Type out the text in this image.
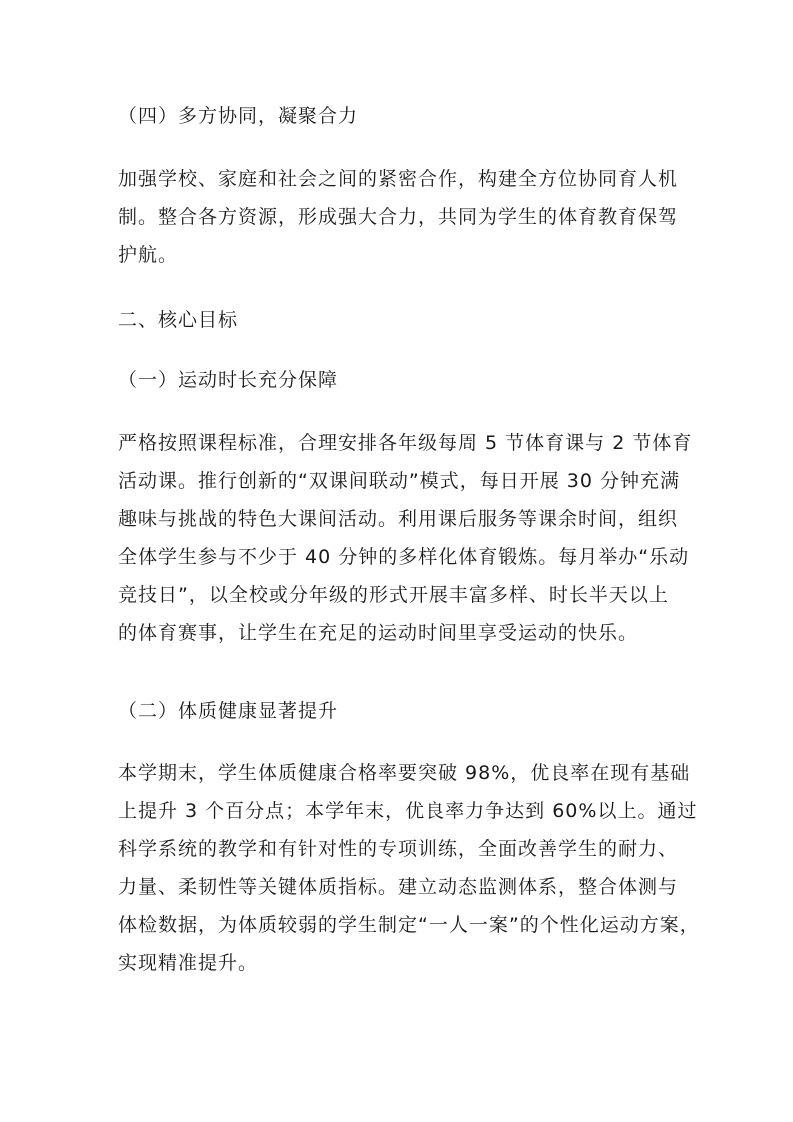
（四）多方协同，凝聚合力
加强学校、家庭和社会之间的紧密合作，构建全方位协同育人机
制。整合各方资源，形成强大合力，共同为学生的体育教育保驾
护航。
二、核心目标
（一）运动时长充分保障
严格按照课程标准，合理安排各年级每周 5 节体育课与 2 节体育
活动课。推行创新的“双课间联动”模式，每日开展 30 分钟充满
趣味与挑战的特色大课间活动。利用课后服务等课余时间，组织
全体学生参与不少于 40 分钟的多样化体育锻炼。每月举办“乐动
竞技日”，以全校或分年级的形式开展丰富多样、时长半天以上
的体育赛事，让学生在充足的运动时间里享受运动的快乐。
（二）体质健康显著提升
本学期末，学生体质健康合格率要突破 98%，优良率在现有基础
上提升 3 个百分点；本学年末，优良率力争达到 60%以上。通过
科学系统的教学和有针对性的专项训练，全面改善学生的耐力、
力量、柔韧性等关键体质指标。建立动态监测体系，整合体测与
体检数据，为体质较弱的学生制定“一人一案”的个性化运动方案，
实现精准提升。
